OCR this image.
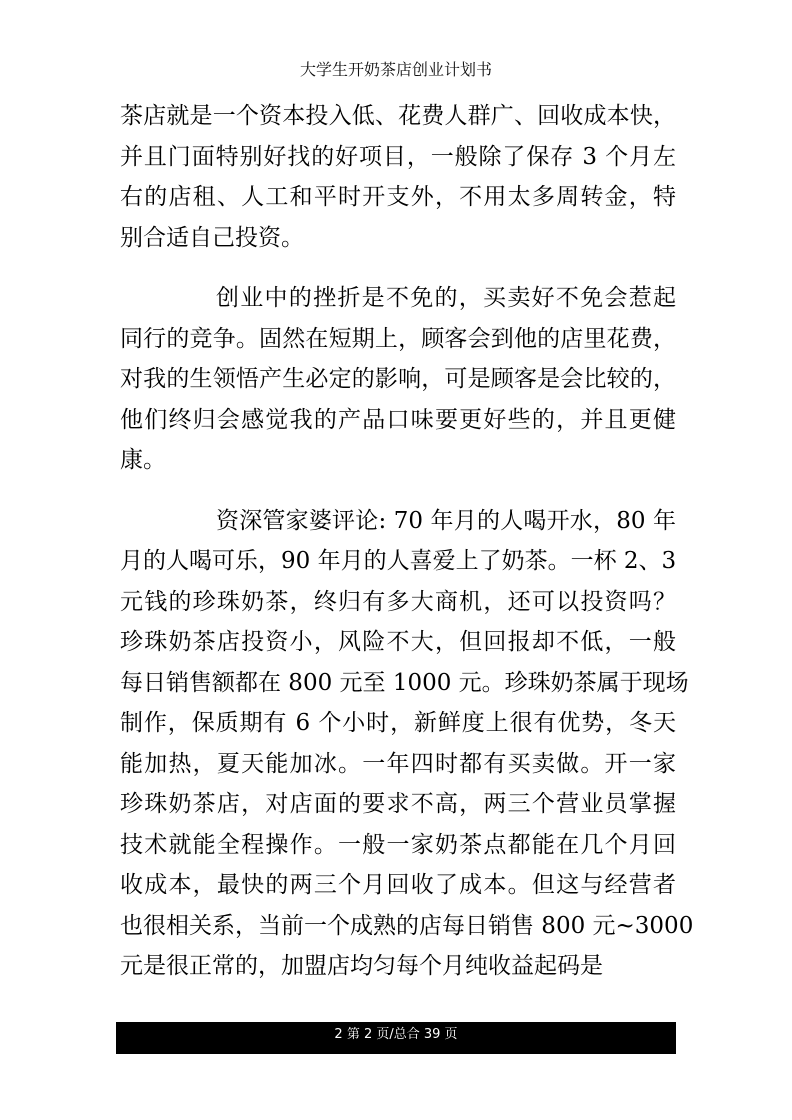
大学生开奶茶店创业计划书
茶店就是一个资本投入低、花费人群广、回收成本快，
并且门面特别好找的好项目，一般除了保存 3 个月左
右的店租、人工和平时开支外，不用太多周转金，特
别合适自己投资。
创业中的挫折是不免的，买卖好不免会惹起
同行的竞争。固然在短期上，顾客会到他的店里花费，
对我的生领悟产生必定的影响，可是顾客是会比较的，
他们终归会感觉我的产品口味要更好些的，并且更健
康。
资深管家婆评论: 70 年月的人喝开水，80 年
月的人喝可乐，90 年月的人喜爱上了奶茶。一杯 2、3
元钱的珍珠奶茶，终归有多大商机，还可以投资吗？
珍珠奶茶店投资小，风险不大，但回报却不低，一般
每日销售额都在 800 元至 1000 元。珍珠奶茶属于现场
制作，保质期有 6 个小时，新鲜度上很有优势，冬天
能加热，夏天能加冰。一年四时都有买卖做。开一家
珍珠奶茶店，对店面的要求不高，两三个营业员掌握
技术就能全程操作。一般一家奶茶点都能在几个月回
收成本，最快的两三个月回收了成本。但这与经营者
也很相关系，当前一个成熟的店每日销售 800 元~3000
元是很正常的，加盟店均匀每个月纯收益起码是
2 第 2 页/总合 39 页
